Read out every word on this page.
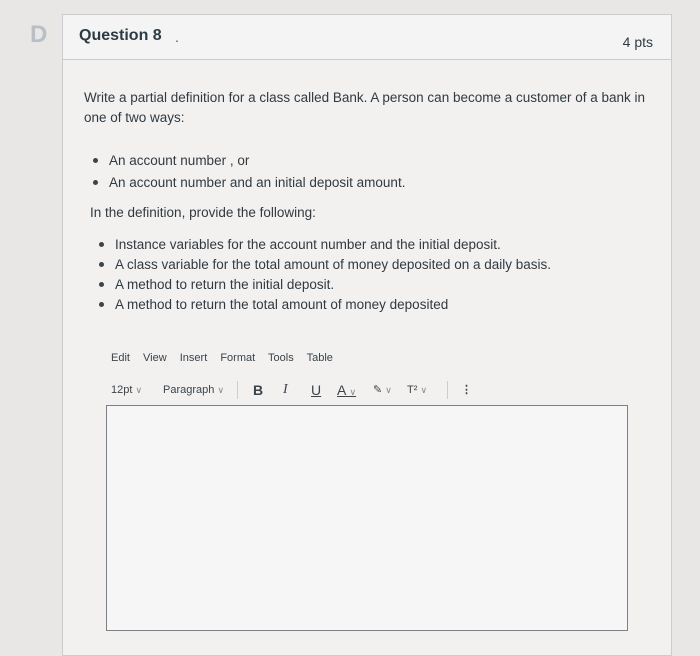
D	Question 8 .	4 pts

Write a partial definition for a class called Bank. A person can become a customer of a bank in one of two ways:

An account number , or
An account number and an initial deposit amount.
In the definition, provide the following:
Instance variables for the account number and the initial deposit.
A class variable for the total amount of money deposited on a daily basis.
A method to return the initial deposit.
A method to return the total amount of money deposited
Edit View Insert Format Tools Table
12pt ∨ Paragraph ∨ B I U A ∨ ✎ ∨ T² ∨	⋮
